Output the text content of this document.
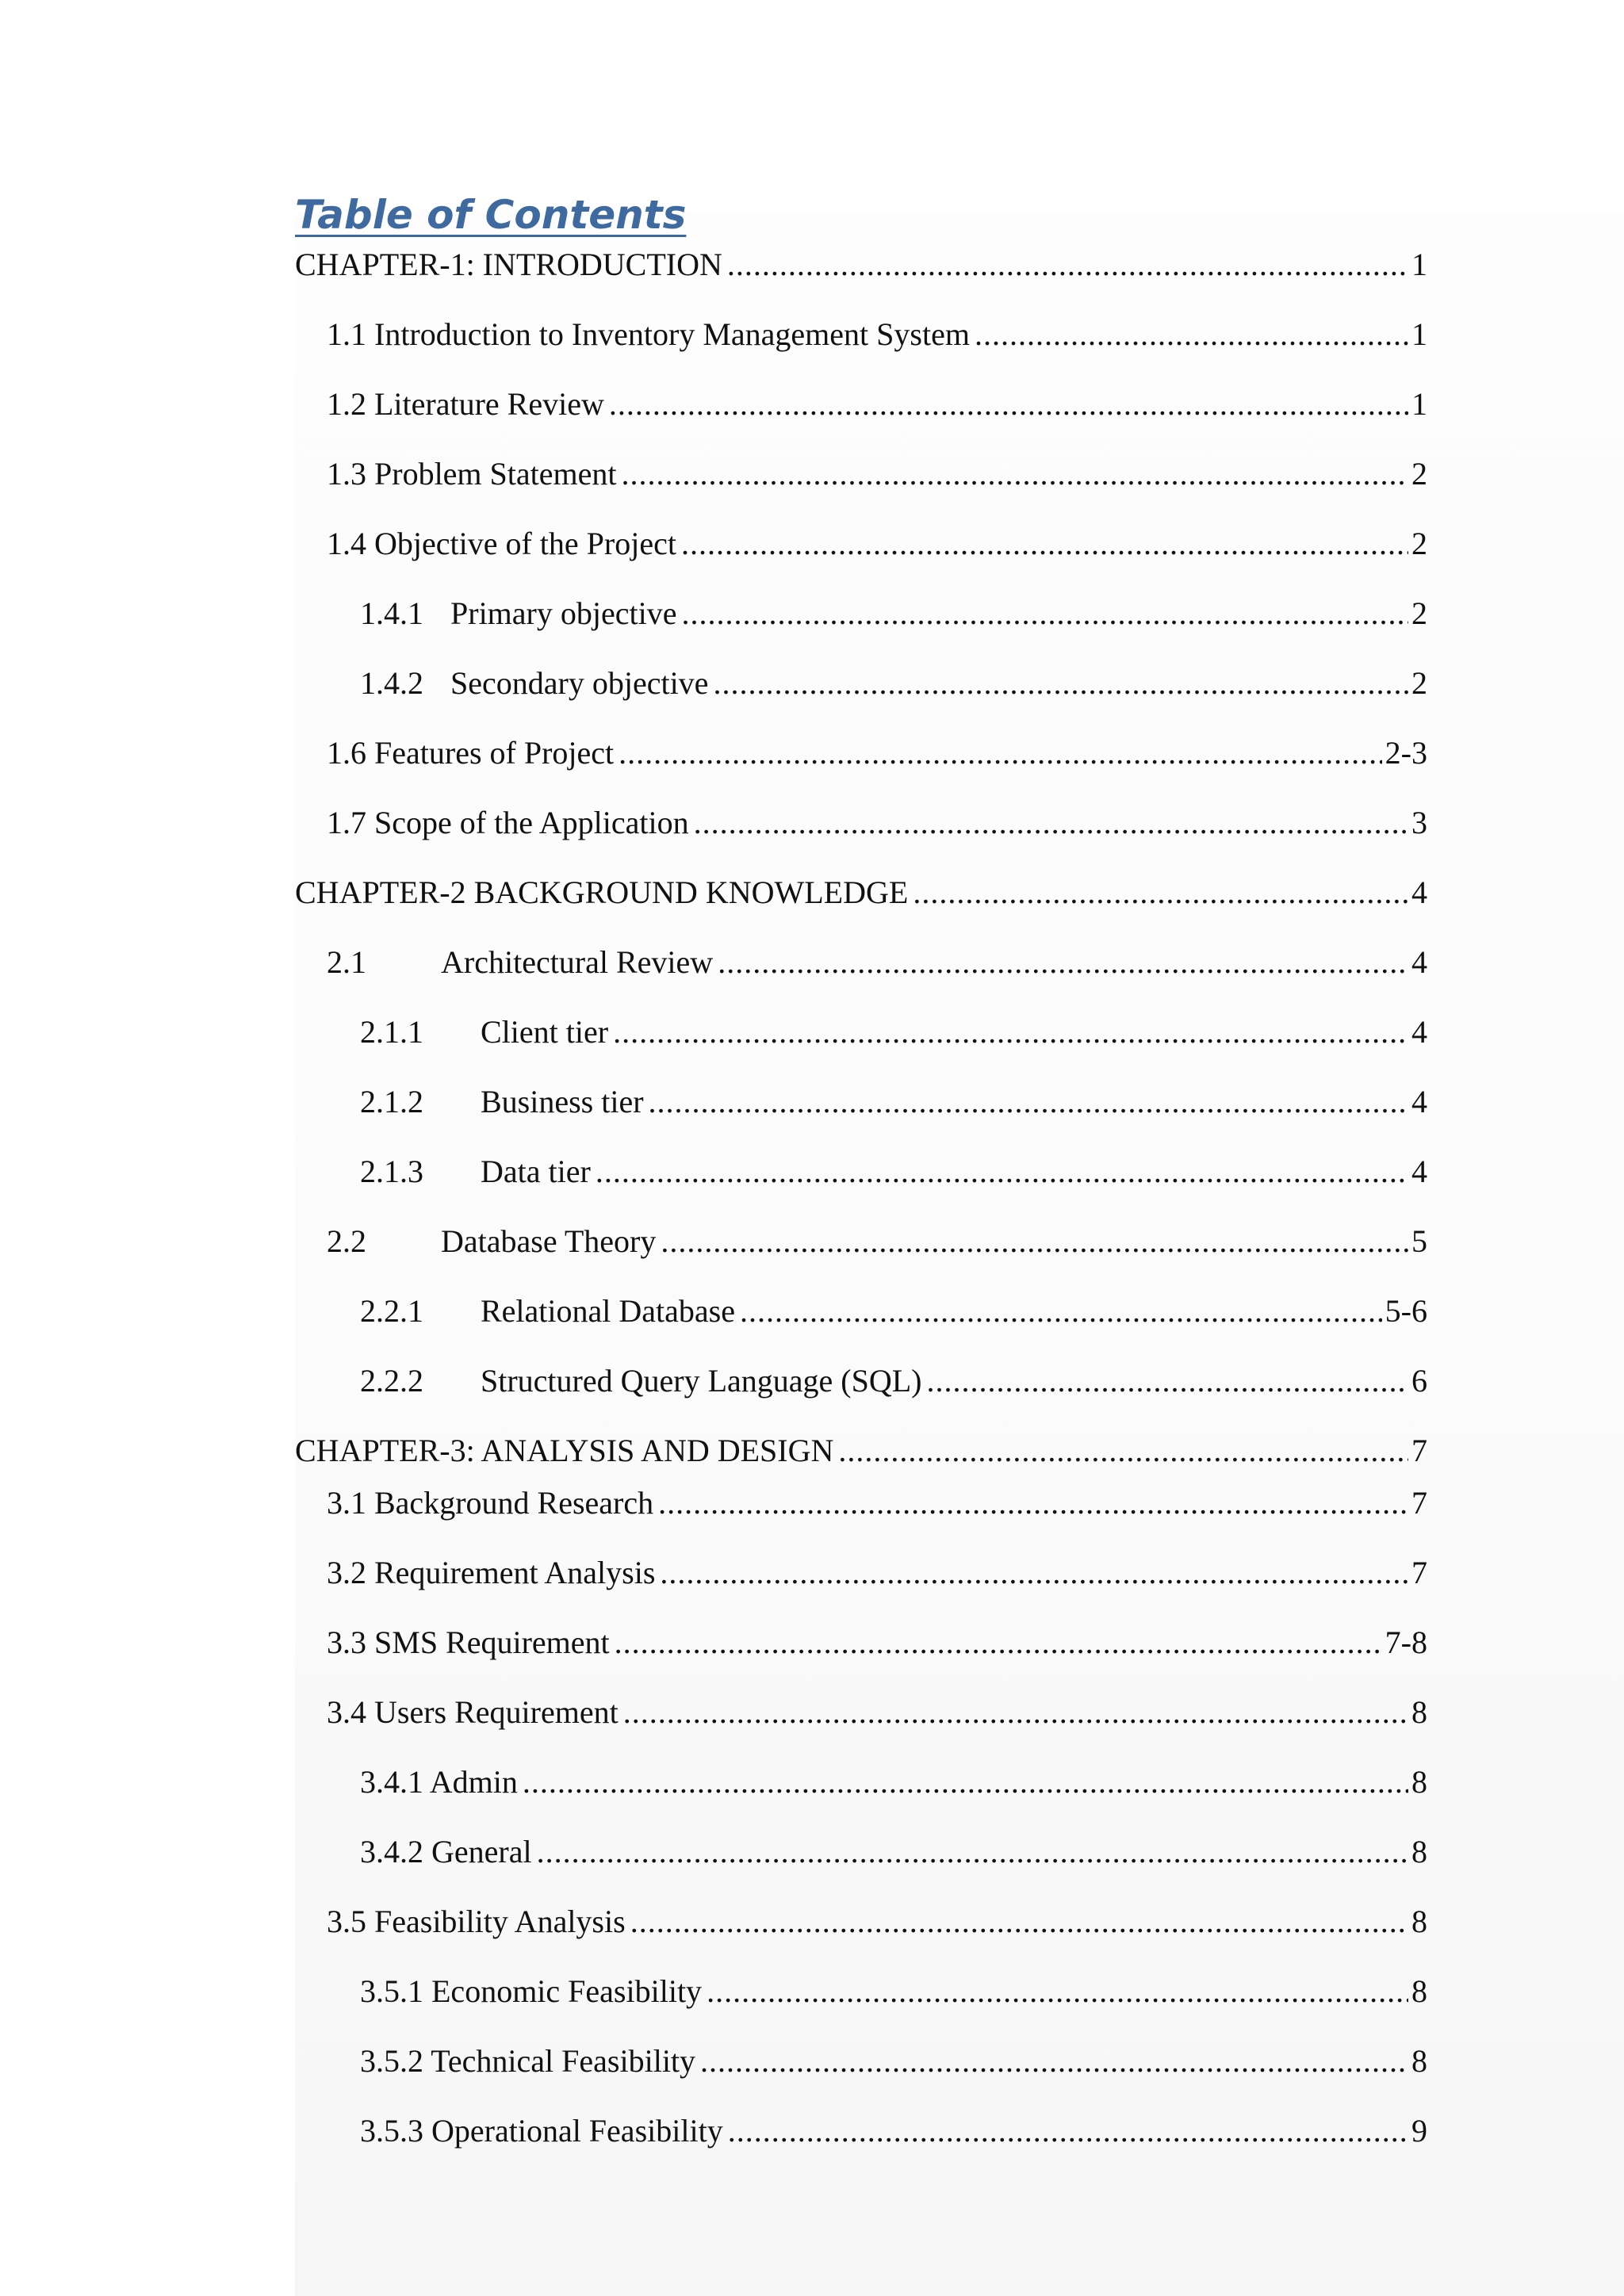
Table of Contents
CHAPTER-1: INTRODUCTION .....	1
1.1 Introduction to Inventory Management System .....	1
1.2 Literature Review .....	1
1.3 Problem Statement .....	2
1.4 Objective of the Project .....	2
1.4.1 Primary objective .....	2
1.4.2 Secondary objective .....	2
1.6 Features of Project .....	2-3
1.7 Scope of the Application .....	3
CHAPTER-2 BACKGROUND KNOWLEDGE .....	4
2.1	Architectural Review .....	4
2.1.1	Client tier .....	4
2.1.2	Business tier .....	4
2.1.3	Data tier .....	4
2.2	Database Theory .....	5
2.2.1	Relational Database .....	5-6
2.2.2	Structured Query Language (SQL) .....	6
CHAPTER-3: ANALYSIS AND DESIGN .....	7
3.1 Background Research .....	7
3.2 Requirement Analysis .....	7
3.3 SMS Requirement .....	7-8
3.4 Users Requirement .....	8
3.4.1 Admin .....	8
3.4.2 General .....	8
3.5 Feasibility Analysis .....	8
3.5.1 Economic Feasibility .....	8
3.5.2 Technical Feasibility .....	8
3.5.3 Operational Feasibility .....	9
